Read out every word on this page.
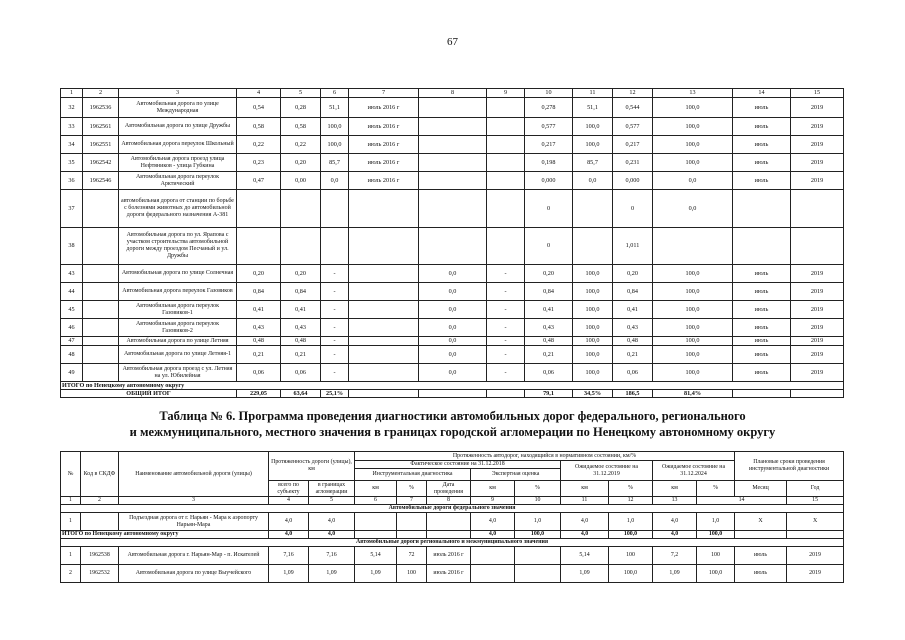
67
1	2	3	4	5	6	7	8	9	10	11	12	13	14	15
32	1962536	Автомобильная дорога по улице Международная	0,54	0,28	51,1	июль 2016 г			0,278	51,1	0,544	100,0	июль	2019
33	1962561	Автомобильная дорога по улице Дружбы	0,58	0,58	100,0	июль 2016 г			0,577	100,0	0,577	100,0	июль	2019
34	1962551	Автомобильная дорога переулок Школьный	0,22	0,22	100,0	июль 2016 г			0,217	100,0	0,217	100,0	июль	2019
35	1962542	Автомобильная дорога проезд улица Нефтяников - улица Губкина	0,23	0,20	85,7	июль 2016 г			0,198	85,7	0,231	100,0	июль	2019
36	1962546	Автомобильная дорога переулок Арктический	0,47	0,00	0,0	июль 2016 г			0,000	0,0	0,000	0,0	июль	2019
37		автомобильная дорога от станции по борьбе с болезнями животных до автомобильной дороги федерального назначения А-381							0		0	0,0		
38		Автомобильная дорога по ул. Ярапова с участком строительства автомобильной дороги между проездом Песчаный и ул. Дружбы							0		1,011			
43		Автомобильная дорога по улице Солнечная	0,20	0,20	-		0,0	-	0,20	100,0	0,20	100,0	июль	2019
44		Автомобильная дорога переулок Газовиков	0,84	0,84	-		0,0	-	0,84	100,0	0,84	100,0	июль	2019
45		Автомобильная дорога переулок Газовиков-1	0,41	0,41	-		0,0	-	0,41	100,0	0,41	100,0	июль	2019
46		Автомобильная дорога переулок Газовиков-2	0,43	0,43	-		0,0	-	0,43	100,0	0,43	100,0	июль	2019
47		Автомобильная дорога по улице Летняя	0,48	0,48	-		0,0	-	0,48	100,0	0,48	100,0	июль	2019
48		Автомобильная дорога по улице Летняя-1	0,21	0,21	-		0,0	-	0,21	100,0	0,21	100,0	июль	2019
49		Автомобильная дорога проезд с ул. Летняя на ул. Юбилейная	0,06	0,06	-		0,0	-	0,06	100,0	0,06	100,0	июль	2019
ИТОГО по Ненецкому автономному округу														
ОБЩИЙ ИТОГ			229,05	63,64	25,1%				79,1	34,5%	186,5	81,4%		
Таблица № 6. Программа проведения диагностики автомобильных дорог федерального, регионального
и межмуниципального, местного значения в границах городской агломерации по Ненецкому автономному округу
№	Код в СКДФ	Наименование автомобильной дороги (улицы)	Протяженность дороги (улицы), км		Протяженность автодорог, находящийся в нормативном состоянии, км/%									Плановые сроки проведения инструментальной диагностики	
					Фактическое состояние на 31.12.2018					Ожидаемое состояние на 31.12.2019		Ожидаемое состояние на 31.12.2024			
					Инструментальная диагностика			Экспертная оценка							
			всего по субъекту	в границах агломерации	км	%	Дата проведения	км	%	км	%	км	%	Месяц	Год
1	2	3	4	5	6	7	8	9	10	11	12	13	14		15
Автомобильные дороги федерального значения															
1		Подъездная дорога от г. Нарьян - Мара к аэропорту Нарьян-Мара	4,0	4,0				4,0	1,0	4,0	1,0	4,0	1,0	Х	Х
ИТОГО по Ненецкому автономному округу			4,0	4,0				4,0	100,0	4,0	100,0	4,0	100,0		
Автомобильные дороги регионального и межмуниципального значения															
1	1962538	Автомобильная дорога г. Нарьян-Мар - п. Искателей	7,16	7,16	5,14	72	июль 2016 г			5,14	100	7,2	100	июль	2019
2	1962532	Автомобильная дорога по улице Выучейского	1,09	1,09	1,09	100	июль 2016 г			1,09	100,0	1,09	100,0	июль	2019
